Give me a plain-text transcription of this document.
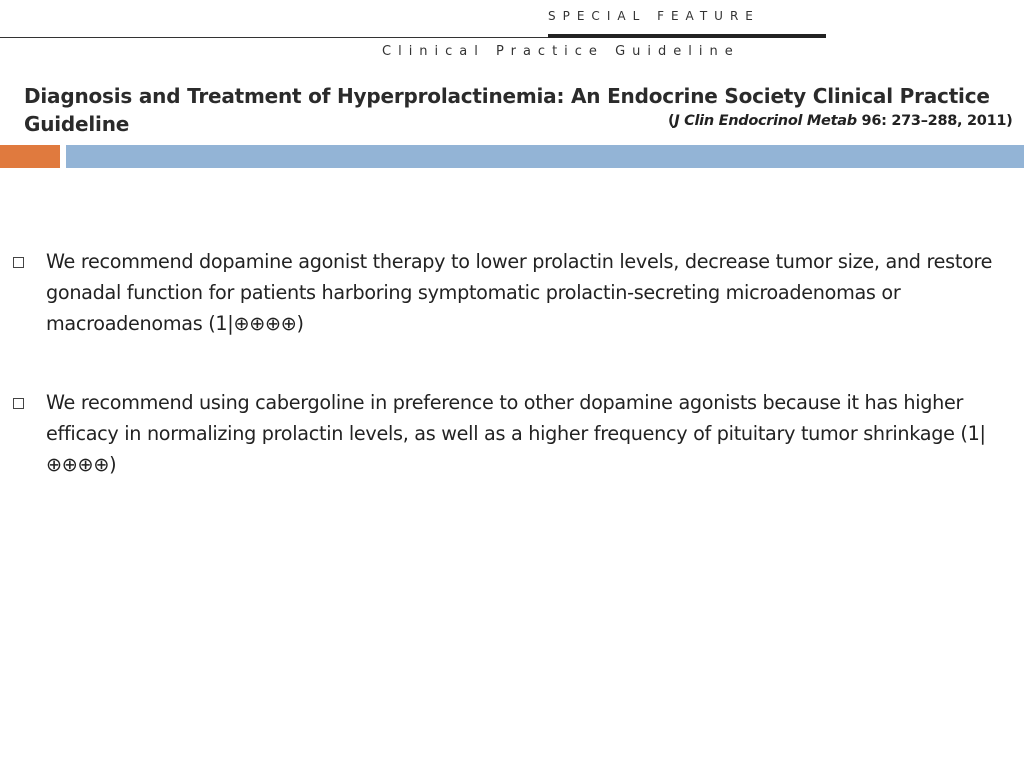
SPECIAL FEATURE
Clinical Practice Guideline
Diagnosis and Treatment of Hyperprolactinemia: An Endocrine Society Clinical Practice Guideline	(J Clin Endocrinol Metab 96: 273–288, 2011)
We recommend dopamine agonist therapy to lower prolactin levels, decrease tumor size, and restore gonadal function for patients harboring symptomatic prolactin-secreting microadenomas or macroadenomas (1|⊕⊕⊕⊕)
We recommend using cabergoline in preference to other dopamine agonists because it has higher efficacy in normalizing prolactin levels, as well as a higher frequency of pituitary tumor shrinkage (1|⊕⊕⊕⊕)
